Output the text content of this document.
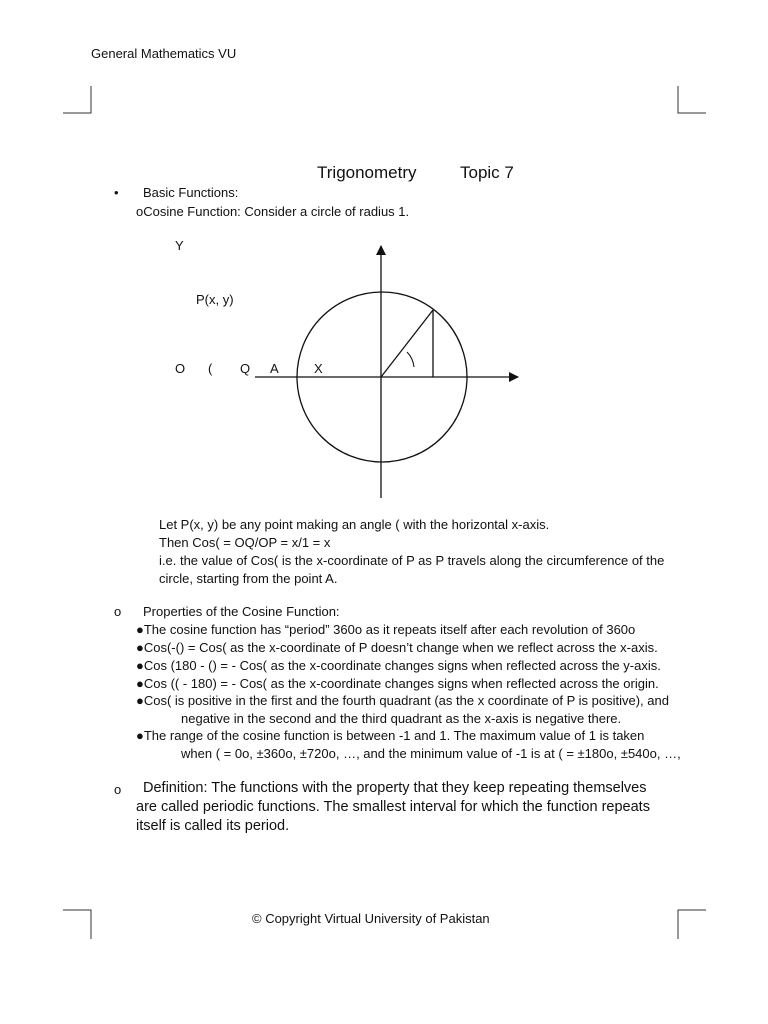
General Mathematics VU
Trigonometry	Topic 7
• Basic Functions:
oCosine Function: Consider a circle of radius 1.
Y
P(x, y)
O ( Q A	X
Let P(x, y) be any point making an angle ( with the horizontal x-axis.
Then Cos( = OQ/OP = x/1 = x
i.e. the value of Cos( is the x-coordinate of P as P travels along the circumference of the
circle, starting from the point A.
o Properties of the Cosine Function:
●The cosine function has “period” 360o as it repeats itself after each revolution of 360o
●Cos(-() = Cos( as the x-coordinate of P doesn’t change when we reflect across the x-axis.
●Cos (180 - () = - Cos( as the x-coordinate changes signs when reflected across the y-axis.
●Cos (( - 180) = - Cos( as the x-coordinate changes signs when reflected across the origin.
●Cos( is positive in the first and the fourth quadrant (as the x coordinate of P is positive), and
negative in the second and the third quadrant as the x-axis is negative there.
●The range of the cosine function is between -1 and 1. The maximum value of 1 is taken
when ( = 0o, ±360o, ±720o, …, and the minimum value of -1 is at ( = ±180o, ±540o, …,
o Definition: The functions with the property that they keep repeating themselves
are called periodic functions. The smallest interval for which the function repeats
itself is called its period.
© Copyright Virtual University of Pakistan
